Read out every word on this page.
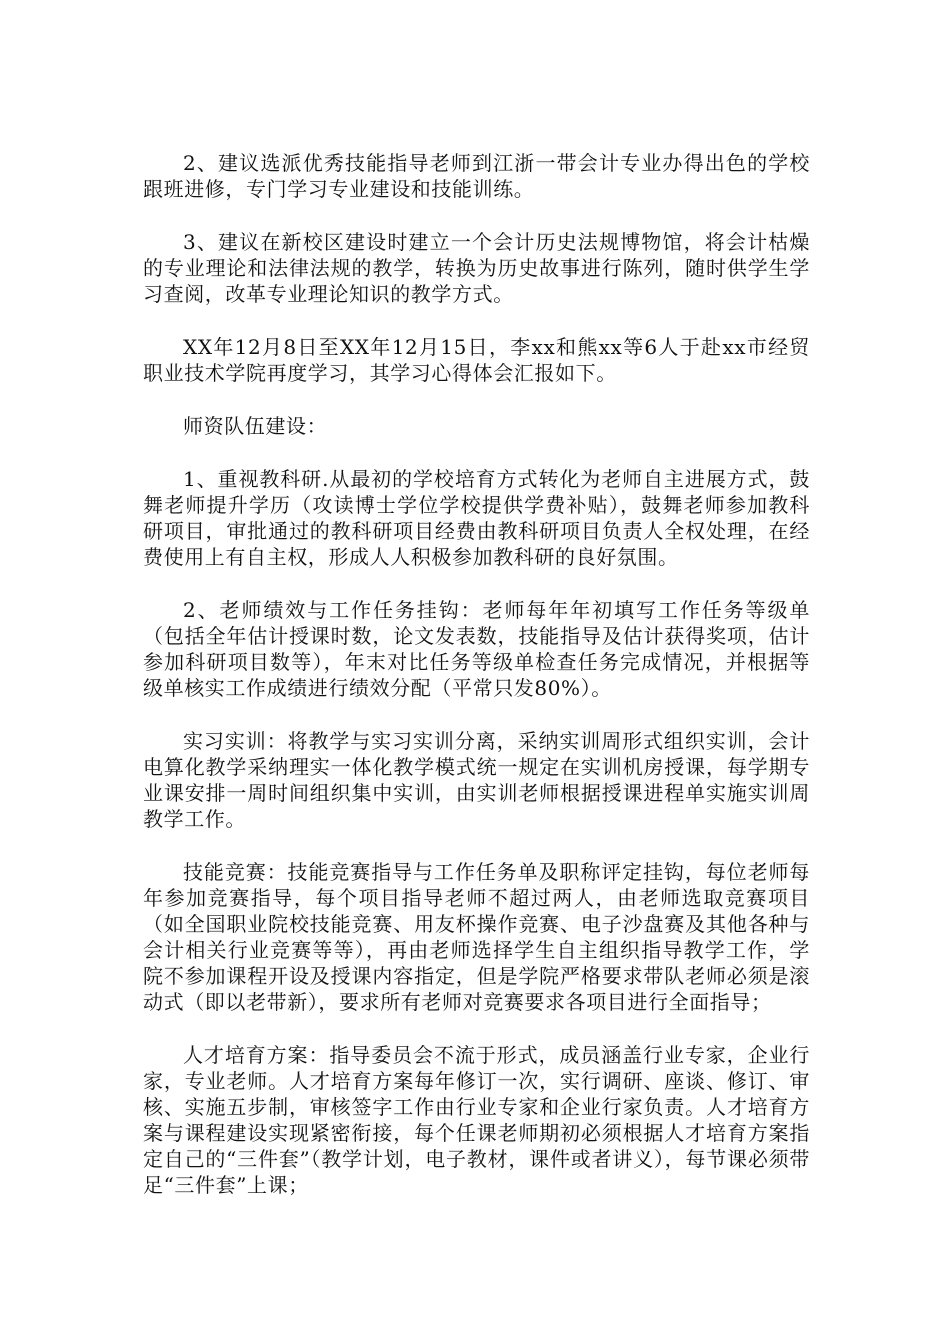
2、建议选派优秀技能指导老师到江浙一带会计专业办得出色的学校跟班进修，专门学习专业建设和技能训练。

3、建议在新校区建设时建立一个会计历史法规博物馆，将会计枯燥的专业理论和法律法规的教学，转换为历史故事进行陈列，随时供学生学习查阅，改革专业理论知识的教学方式。

XX年12月8日至XX年12月15日，李xx和熊xx等6人于赴xx市经贸职业技术学院再度学习，其学习心得体会汇报如下。

师资队伍建设：

1、重视教科研.从最初的学校培育方式转化为老师自主进展方式，鼓舞老师提升学历（攻读博士学位学校提供学费补贴），鼓舞老师参加教科研项目，审批通过的教科研项目经费由教科研项目负责人全权处理，在经费使用上有自主权，形成人人积极参加教科研的良好氛围。

2、老师绩效与工作任务挂钩：老师每年年初填写工作任务等级单（包括全年估计授课时数，论文发表数，技能指导及估计获得奖项，估计参加科研项目数等），年末对比任务等级单检查任务完成情况，并根据等级单核实工作成绩进行绩效分配（平常只发80%）。

实习实训：将教学与实习实训分离，采纳实训周形式组织实训，会计电算化教学采纳理实一体化教学模式统一规定在实训机房授课，每学期专业课安排一周时间组织集中实训，由实训老师根据授课进程单实施实训周教学工作。

技能竞赛：技能竞赛指导与工作任务单及职称评定挂钩，每位老师每年参加竞赛指导，每个项目指导老师不超过两人，由老师选取竞赛项目（如全国职业院校技能竞赛、用友杯操作竞赛、电子沙盘赛及其他各种与会计相关行业竞赛等等），再由老师选择学生自主组织指导教学工作，学院不参加课程开设及授课内容指定，但是学院严格要求带队老师必须是滚动式（即以老带新），要求所有老师对竞赛要求各项目进行全面指导；

人才培育方案：指导委员会不流于形式，成员涵盖行业专家，企业行家，专业老师。人才培育方案每年修订一次，实行调研、座谈、修订、审核、实施五步制，审核签字工作由行业专家和企业行家负责。人才培育方案与课程建设实现紧密衔接，每个任课老师期初必须根据人才培育方案指定自己的“三件套”（教学计划，电子教材，课件或者讲义），每节课必须带足“三件套”上课；
